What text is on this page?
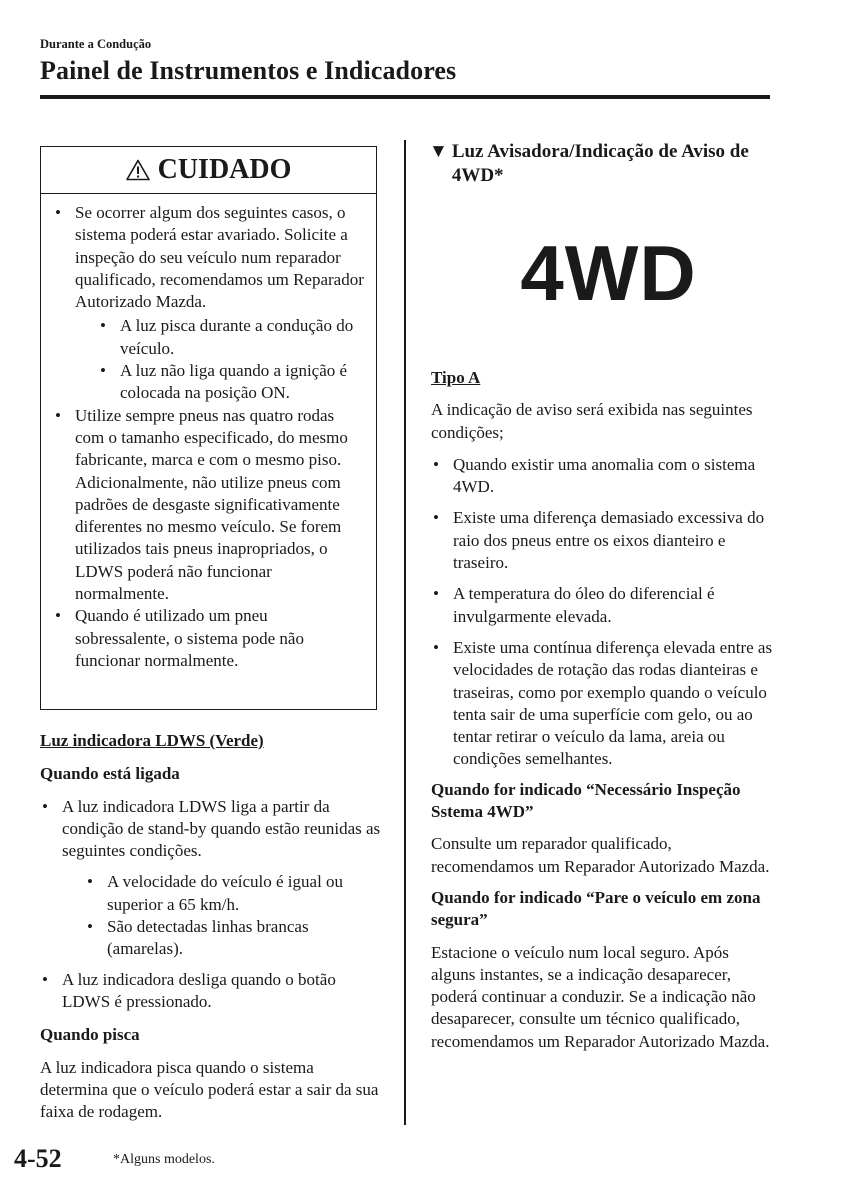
Durante a Condução
Painel de Instrumentos e Indicadores
CUIDADO
• Se ocorrer algum dos seguintes casos, o sistema poderá estar avariado. Solicite a inspeção do seu veículo num reparador qualificado, recomendamos um Reparador Autorizado Mazda.
• A luz pisca durante a condução do veículo.
• A luz não liga quando a ignição é colocada na posição ON.
• Utilize sempre pneus nas quatro rodas com o tamanho especificado, do mesmo fabricante, marca e com o mesmo piso. Adicionalmente, não utilize pneus com padrões de desgaste significativamente diferentes no mesmo veículo. Se forem utilizados tais pneus inapropriados, o LDWS poderá não funcionar normalmente.
• Quando é utilizado um pneu sobressalente, o sistema pode não funcionar normalmente.
Luz indicadora LDWS (Verde)
Quando está ligada
• A luz indicadora LDWS liga a partir da condição de stand-by quando estão reunidas as seguintes condições.
• A velocidade do veículo é igual ou superior a 65 km/h.
• São detectadas linhas brancas (amarelas).
• A luz indicadora desliga quando o botão LDWS é pressionado.
Quando pisca

A luz indicadora pisca quando o sistema determina que o veículo poderá estar a sair da sua faixa de rodagem.

▼ Luz Avisadora/Indicação de Aviso de 4WD*
4WD
Tipo A

A indicação de aviso será exibida nas seguintes condições;

• Quando existir uma anomalia com o sistema 4WD.
• Existe uma diferença demasiado excessiva do raio dos pneus entre os eixos dianteiro e traseiro.
• A temperatura do óleo do diferencial é invulgarmente elevada.
• Existe uma contínua diferença elevada entre as velocidades de rotação das rodas dianteiras e traseiras, como por exemplo quando o veículo tenta sair de uma superfície com gelo, ou ao tentar retirar o veículo da lama, areia ou condições semelhantes.
Quando for indicado “Necessário Inspeção Sstema 4WD”

Consulte um reparador qualificado, recomendamos um Reparador Autorizado Mazda.

Quando for indicado “Pare o veículo em zona segura”

Estacione o veículo num local seguro. Após alguns instantes, se a indicação desaparecer, poderá continuar a conduzir. Se a indicação não desaparecer, consulte um técnico qualificado, recomendamos um Reparador Autorizado Mazda.

4-52	*Alguns modelos.
